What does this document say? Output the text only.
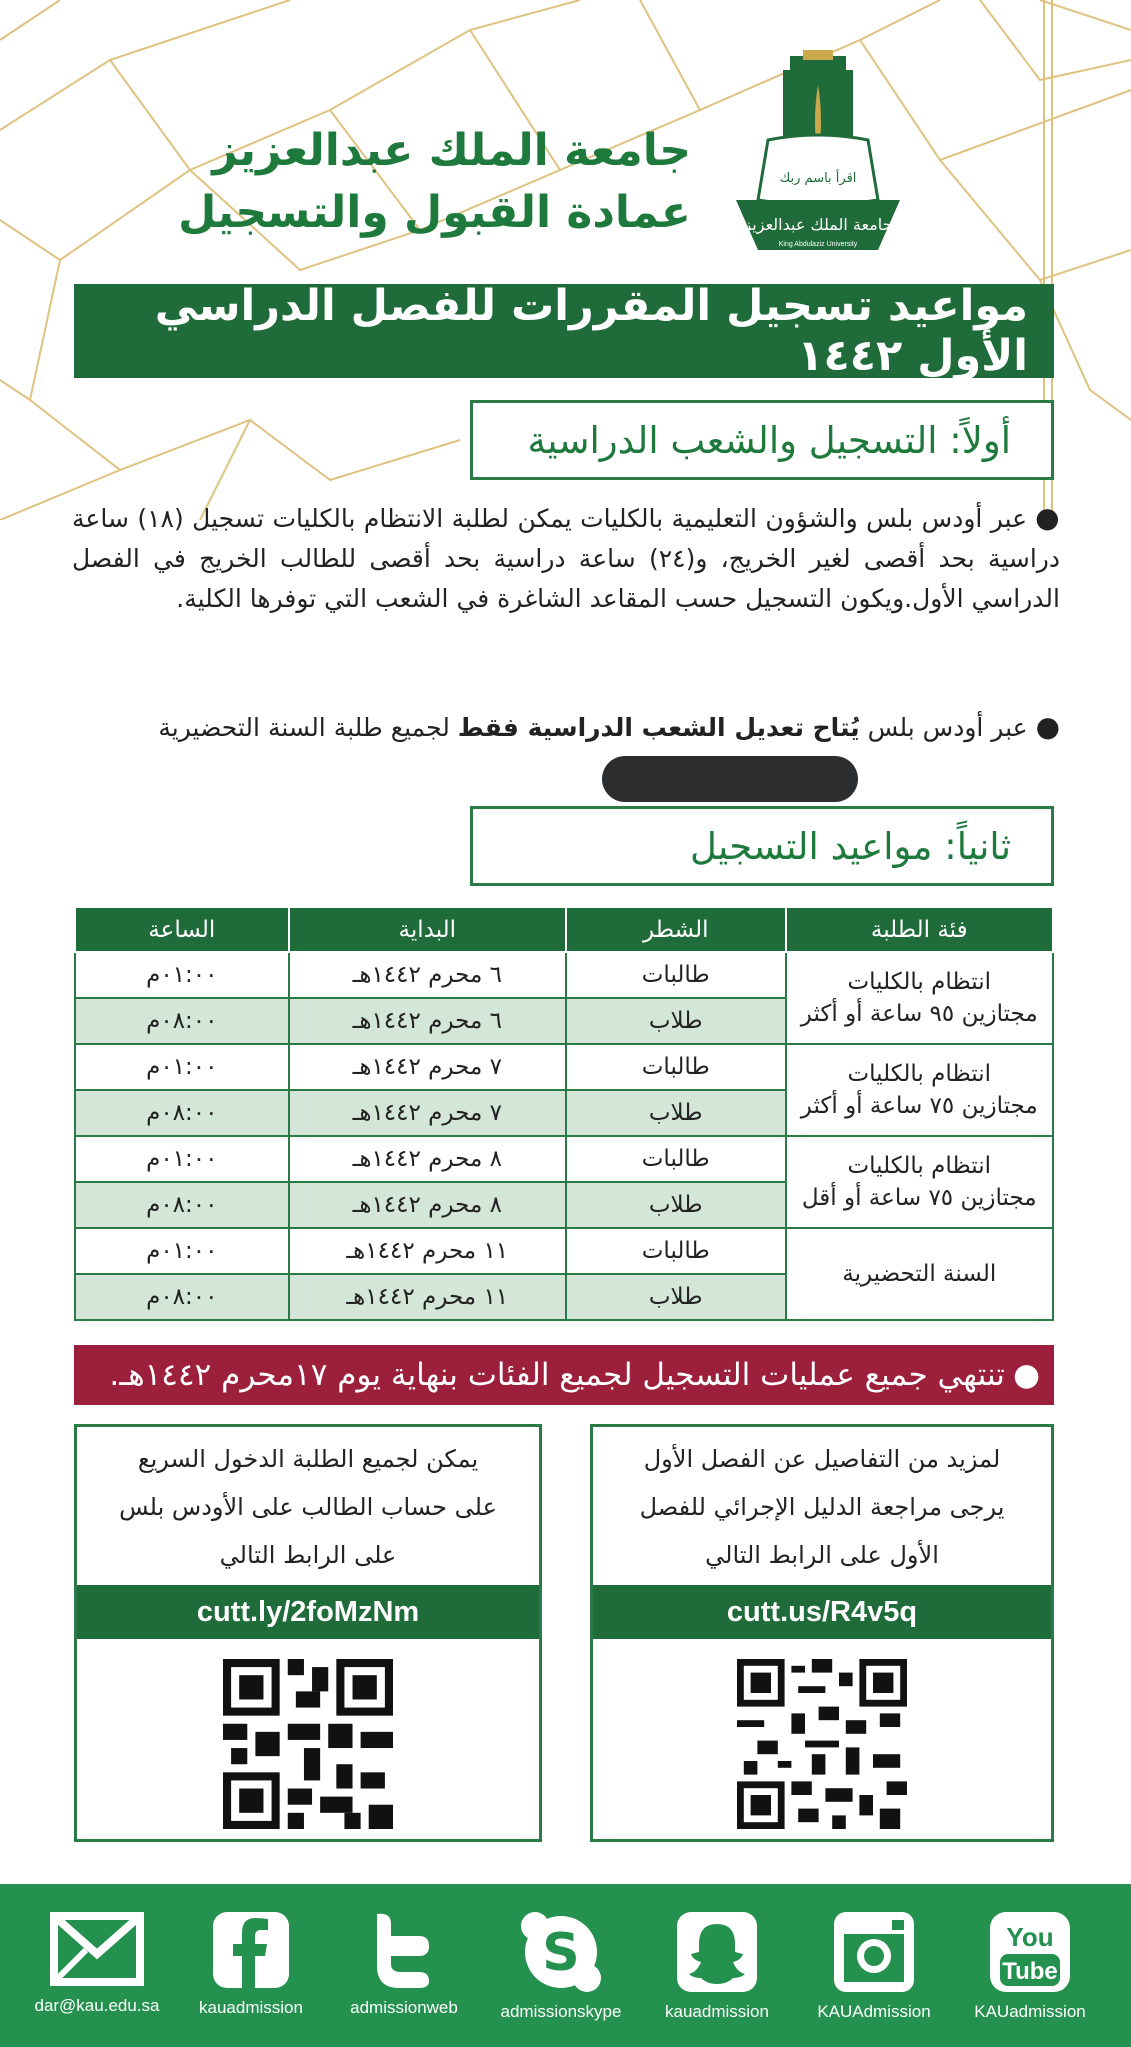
جامعة الملك عبدالعزيز
عمادة القبول والتسجيل
اقرأ باسم ربك
جامعة الملك عبدالعزيز
King Abdulaziz University
مواعيد تسجيل المقررات للفصل الدراسي الأول ١٤٤٢
أولاً: التسجيل والشعب الدراسية
●عبر أودس بلس والشؤون التعليمية بالكليات يمكن لطلبة الانتظام بالكليات تسجيل (١٨) ساعة دراسية بحد أقصى لغير الخريج، و(٢٤) ساعة دراسية بحد أقصى للطالب الخريج في الفصل الدراسي الأول.ويكون التسجيل حسب المقاعد الشاغرة في الشعب التي توفرها الكلية.
●عبر أودس بلس يُتاح تعديل الشعب الدراسية فقط لجميع طلبة السنة التحضيرية
ثانياً: مواعيد التسجيل
فئة الطلبة	الشطر	البداية	الساعة

انتظام بالكليات
مجتازين ٩٥ ساعة أو أكثر	طالبات	٦ محرم ١٤٤٢هـ	٠١:٠٠م
	طلاب	٦ محرم ١٤٤٢هـ	٠٨:٠٠م

انتظام بالكليات
مجتازين ٧٥ ساعة أو أكثر	طالبات	٧ محرم ١٤٤٢هـ	٠١:٠٠م
	طلاب	٧ محرم ١٤٤٢هـ	٠٨:٠٠م

انتظام بالكليات
مجتازين ٧٥ ساعة أو أقل	طالبات	٨ محرم ١٤٤٢هـ	٠١:٠٠م
	طلاب	٨ محرم ١٤٤٢هـ	٠٨:٠٠م

السنة التحضيرية	طالبات	١١ محرم ١٤٤٢هـ	٠١:٠٠م
	طلاب	١١ محرم ١٤٤٢هـ	٠٨:٠٠م
●
تنتهي جميع عمليات التسجيل لجميع الفئات بنهاية يوم ١٧محرم ١٤٤٢هـ.
يمكن لجميع الطلبة الدخول السريع
على حساب الطالب على الأودس بلس
على الرابط التالي
cutt.ly/2foMzNm
لمزيد من التفاصيل عن الفصل الأول
يرجى مراجعة الدليل الإجرائي للفصل
الأول على الرابط التالي
cutt.us/R4v5q
dar@kau.edu.sa	kauadmission	admissionweb
S
admissionskype	kauadmission	KAUAdmission
You
Tube
KAUadmission
